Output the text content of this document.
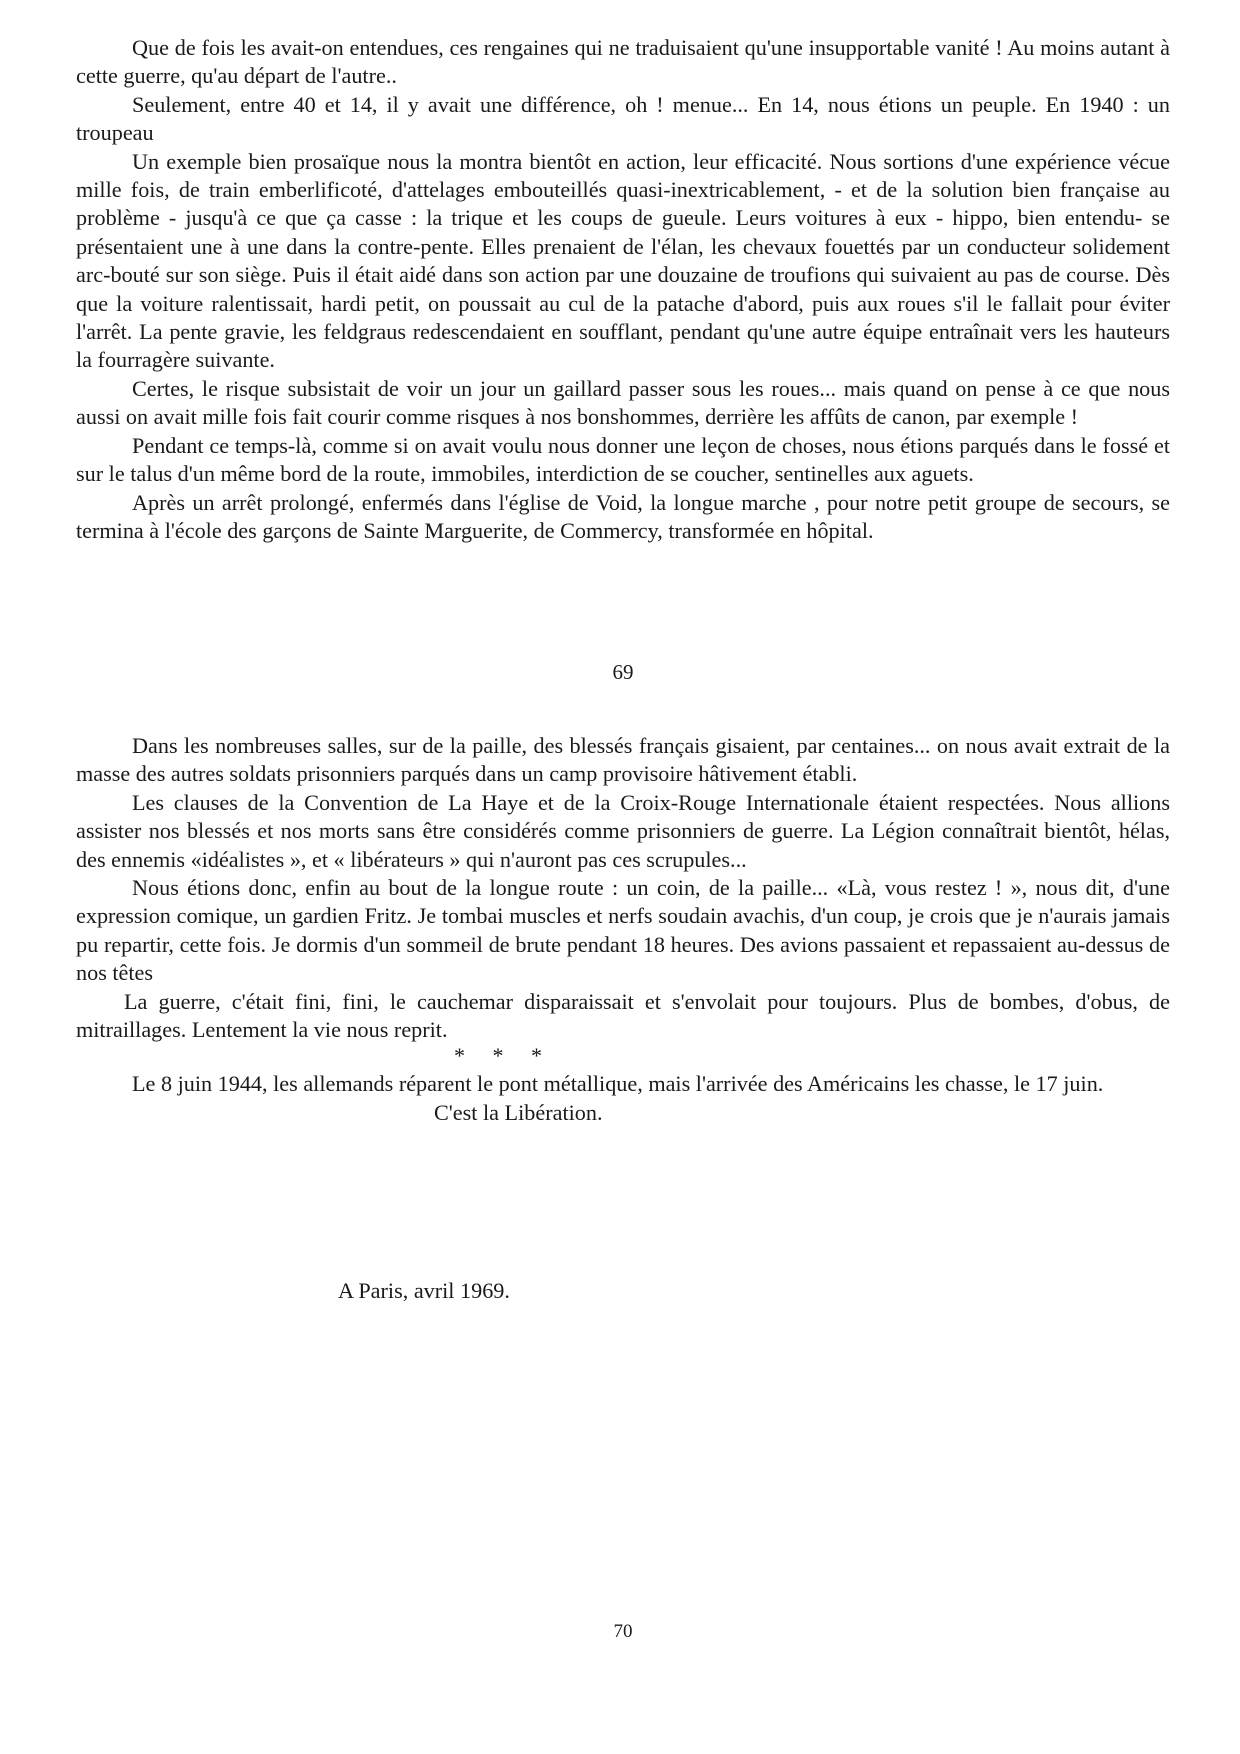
Que de fois les avait-on entendues, ces rengaines qui ne traduisaient qu'une insupportable vanité ! Au moins autant à cette guerre, qu'au départ de l'autre..

Seulement, entre 40 et 14, il y avait une différence, oh ! menue... En 14, nous étions un peuple. En 1940 : un troupeau

Un exemple bien prosaïque nous la montra bientôt en action, leur efficacité. Nous sortions d'une expérience vécue mille fois, de train emberlificoté, d'attelages embouteillés quasi-inextricablement, - et de la solution bien française au problème - jusqu'à ce que ça casse : la trique et les coups de gueule. Leurs voitures à eux - hippo, bien entendu- se présentaient une à une dans la contre-pente. Elles prenaient de l'élan, les chevaux fouettés par un conducteur solidement arc-bouté sur son siège. Puis il était aidé dans son action par une douzaine de troufions qui suivaient au pas de course. Dès que la voiture ralentissait, hardi petit, on poussait au cul de la patache d'abord, puis aux roues s'il le fallait pour éviter l'arrêt. La pente gravie, les feldgraus redescendaient en soufflant, pendant qu'une autre équipe entraînait vers les hauteurs la fourragère suivante.

Certes, le risque subsistait de voir un jour un gaillard passer sous les roues... mais quand on pense à ce que nous aussi on avait mille fois fait courir comme risques à nos bonshommes, derrière les affûts de canon, par exemple !

Pendant ce temps-là, comme si on avait voulu nous donner une leçon de choses, nous étions parqués dans le fossé et sur le talus d'un même bord de la route, immobiles, interdiction de se coucher, sentinelles aux aguets.

Après un arrêt prolongé, enfermés dans l'église de Void, la longue marche , pour notre petit groupe de secours, se termina à l'école des garçons de Sainte Marguerite, de Commercy, transformée en hôpital.

69

Dans les nombreuses salles, sur de la paille, des blessés français gisaient, par centaines... on nous avait extrait de la masse des autres soldats prisonniers parqués dans un camp provisoire hâtivement établi.

Les clauses de la Convention de La Haye et de la Croix-Rouge Internationale étaient respectées. Nous allions assister nos blessés et nos morts sans être considérés comme prisonniers de guerre. La Légion connaîtrait bientôt, hélas, des ennemis «idéalistes », et « libérateurs » qui n'auront pas ces scrupules...

Nous étions donc, enfin au bout de la longue route : un coin, de la paille... «Là, vous restez ! », nous dit, d'une expression comique, un gardien Fritz. Je tombai muscles et nerfs soudain avachis, d'un coup, je crois que je n'aurais jamais pu repartir, cette fois. Je dormis d'un sommeil de brute pendant 18 heures. Des avions passaient et repassaient au-dessus de nos têtes

La guerre, c'était fini, fini, le cauchemar disparaissait et s'envolait pour toujours. Plus de bombes, d'obus, de mitraillages. Lentement la vie nous reprit.

* * *

Le 8 juin 1944, les allemands réparent le pont métallique, mais l'arrivée des Américains les chasse, le 17 juin.

C'est la Libération.

A Paris, avril 1969.

70
